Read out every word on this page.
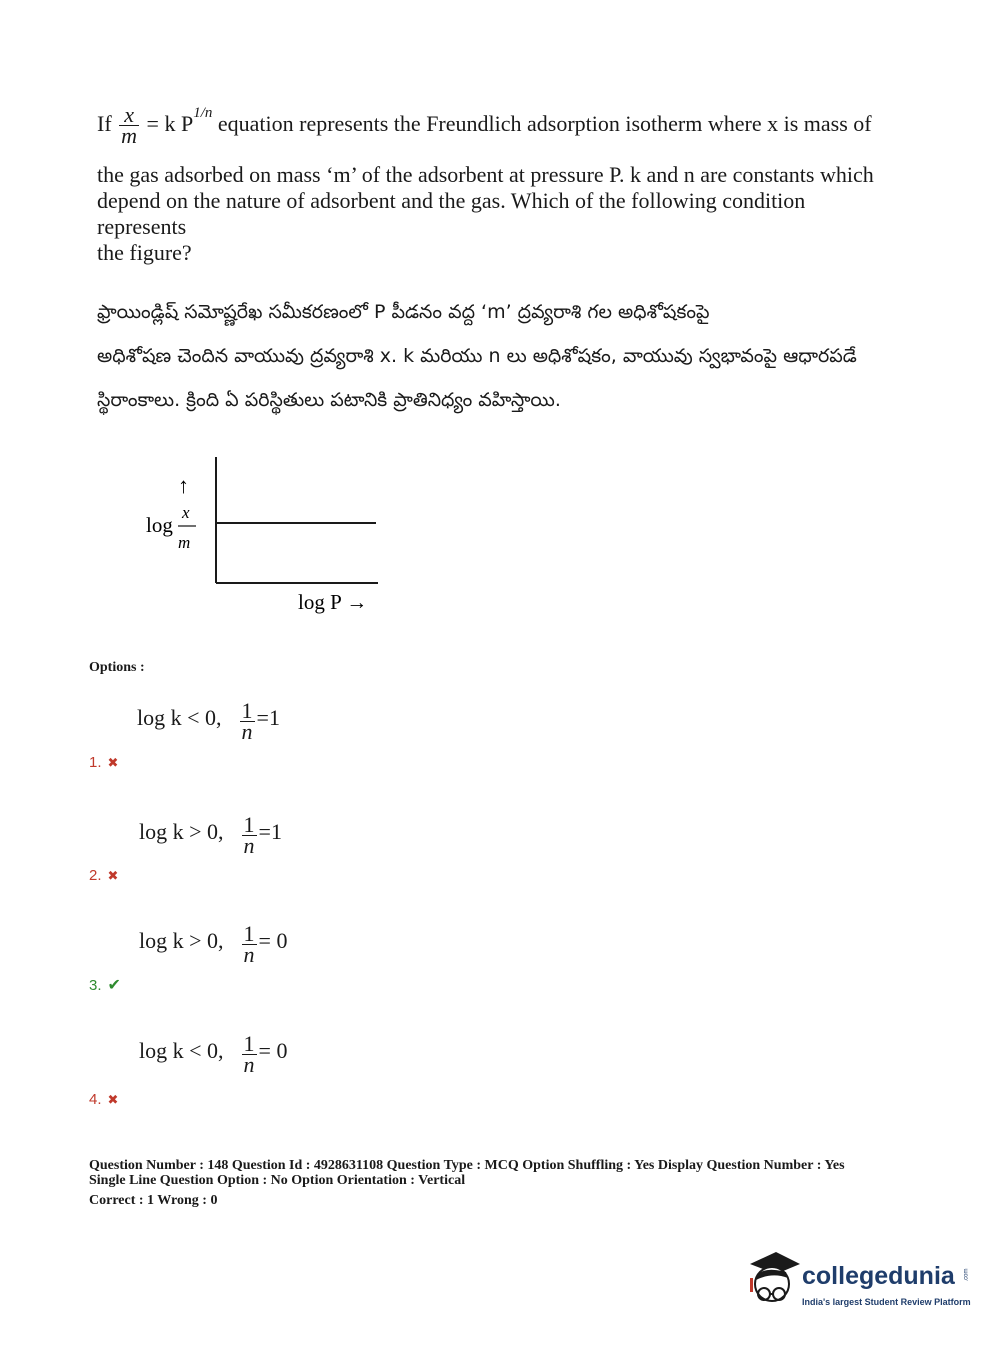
If $\frac{x}{m} = k$ $P^{1/n}$ equation represents the Freundlich adsorption isotherm where x is mass of
the gas adsorbed on mass ‘m’ of the adsorbent at pressure P. k and n are constants which
depend on the nature of adsorbent and the gas. Which of the following condition represents
the figure?
ఫ్రాయిండ్లిష్ సమోష్ణరేఖ సమీకరణంలో P పీడనం వద్ద ‘m’ ద్రవ్యరాశి గల అధిశోషకంపై
అధిశోషణ చెందిన వాయువు ద్రవ్యరాశి x. k మరియు n లు అధిశోషకం, వాయువు స్వభావంపై ఆధారపడే
స్థిరాంకాలు. క్రింది ఏ పరిస్థితులు పటానికి ప్రాతినిధ్యం వహిస్తాయి.
↑
log
x
m
log P →
Options :
log k < 0, $\frac{1}{n} =1$
1. ✖
log k > 0, $\frac{1}{n} =1$
2. ✖
log k > 0, $\frac{1}{n} = 0$
3. ✔
log k < 0, $\frac{1}{n} = 0$
4. ✖
Question Number : 148 Question Id : 4928631108 Question Type : MCQ Option Shuffling : Yes Display Question Number : Yes
Single Line Question Option : No Option Orientation : Vertical
Correct : 1 Wrong : 0
collegedunia .com
India's largest Student Review Platform
